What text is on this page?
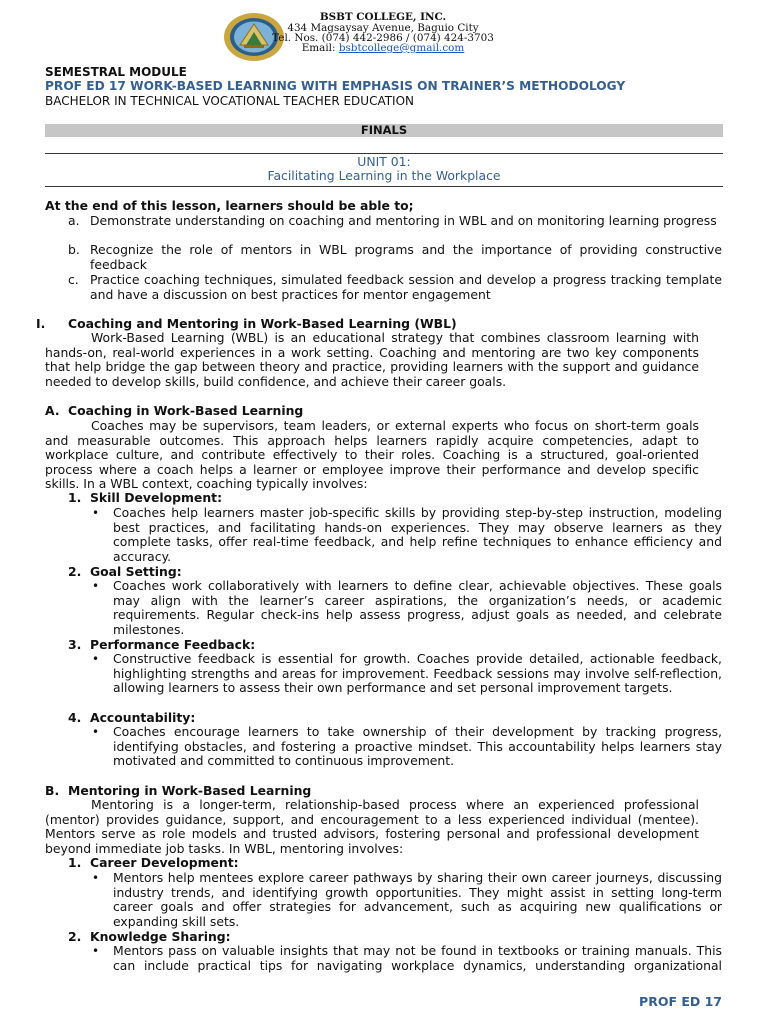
BSBT COLLEGE, INC.
434 Magsaysay Avenue, Baguio City
Tel. Nos. (074) 442-2986 / (074) 424-3703
Email: bsbtcollege@gmail.com
SEMESTRAL MODULE
PROF ED 17 WORK-BASED LEARNING WITH EMPHASIS ON TRAINER’S METHODOLOGY
BACHELOR IN TECHNICAL VOCATIONAL TEACHER EDUCATION
FINALS
UNIT 01:
Facilitating Learning in the Workplace
At the end of this lesson, learners should be able to;
a. Demonstrate understanding on coaching and mentoring in WBL and on monitoring learning progress

b. Recognize the role of mentors in WBL programs and the importance of providing constructive feedback

c. Practice coaching techniques, simulated feedback session and develop a progress tracking template and have a discussion on best practices for mentor engagement

I. Coaching and Mentoring in Work-Based Learning (WBL)

Work-Based Learning (WBL) is an educational strategy that combines classroom learning with hands-on, real-world experiences in a work setting. Coaching and mentoring are two key components that help bridge the gap between theory and practice, providing learners with the support and guidance needed to develop skills, build confidence, and achieve their career goals.

A. Coaching in Work-Based Learning

Coaches may be supervisors, team leaders, or external experts who focus on short-term goals and measurable outcomes. This approach helps learners rapidly acquire competencies, adapt to workplace culture, and contribute effectively to their roles. Coaching is a structured, goal-oriented process where a coach helps a learner or employee improve their performance and develop specific skills. In a WBL context, coaching typically involves:

1. Skill Development:
• Coaches help learners master job-specific skills by providing step-by-step instruction, modeling best practices, and facilitating hands-on experiences. They may observe learners as they complete tasks, offer real-time feedback, and help refine techniques to enhance efficiency and accuracy.

2. Goal Setting:
• Coaches work collaboratively with learners to define clear, achievable objectives. These goals may align with the learner’s career aspirations, the organization’s needs, or academic requirements. Regular check-ins help assess progress, adjust goals as needed, and celebrate milestones.

3. Performance Feedback:
• Constructive feedback is essential for growth. Coaches provide detailed, actionable feedback, highlighting strengths and areas for improvement. Feedback sessions may involve self-reflection, allowing learners to assess their own performance and set personal improvement targets.

4. Accountability:
• Coaches encourage learners to take ownership of their development by tracking progress, identifying obstacles, and fostering a proactive mindset. This accountability helps learners stay motivated and committed to continuous improvement.

B. Mentoring in Work-Based Learning

Mentoring is a longer-term, relationship-based process where an experienced professional (mentor) provides guidance, support, and encouragement to a less experienced individual (mentee). Mentors serve as role models and trusted advisors, fostering personal and professional development beyond immediate job tasks. In WBL, mentoring involves:

1. Career Development:
• Mentors help mentees explore career pathways by sharing their own career journeys, discussing industry trends, and identifying growth opportunities. They might assist in setting long-term career goals and offer strategies for advancement, such as acquiring new qualifications or expanding skill sets.

2. Knowledge Sharing:
• Mentors pass on valuable insights that may not be found in textbooks or training manuals. This can include practical tips for navigating workplace dynamics, understanding organizational

PROF ED 17
